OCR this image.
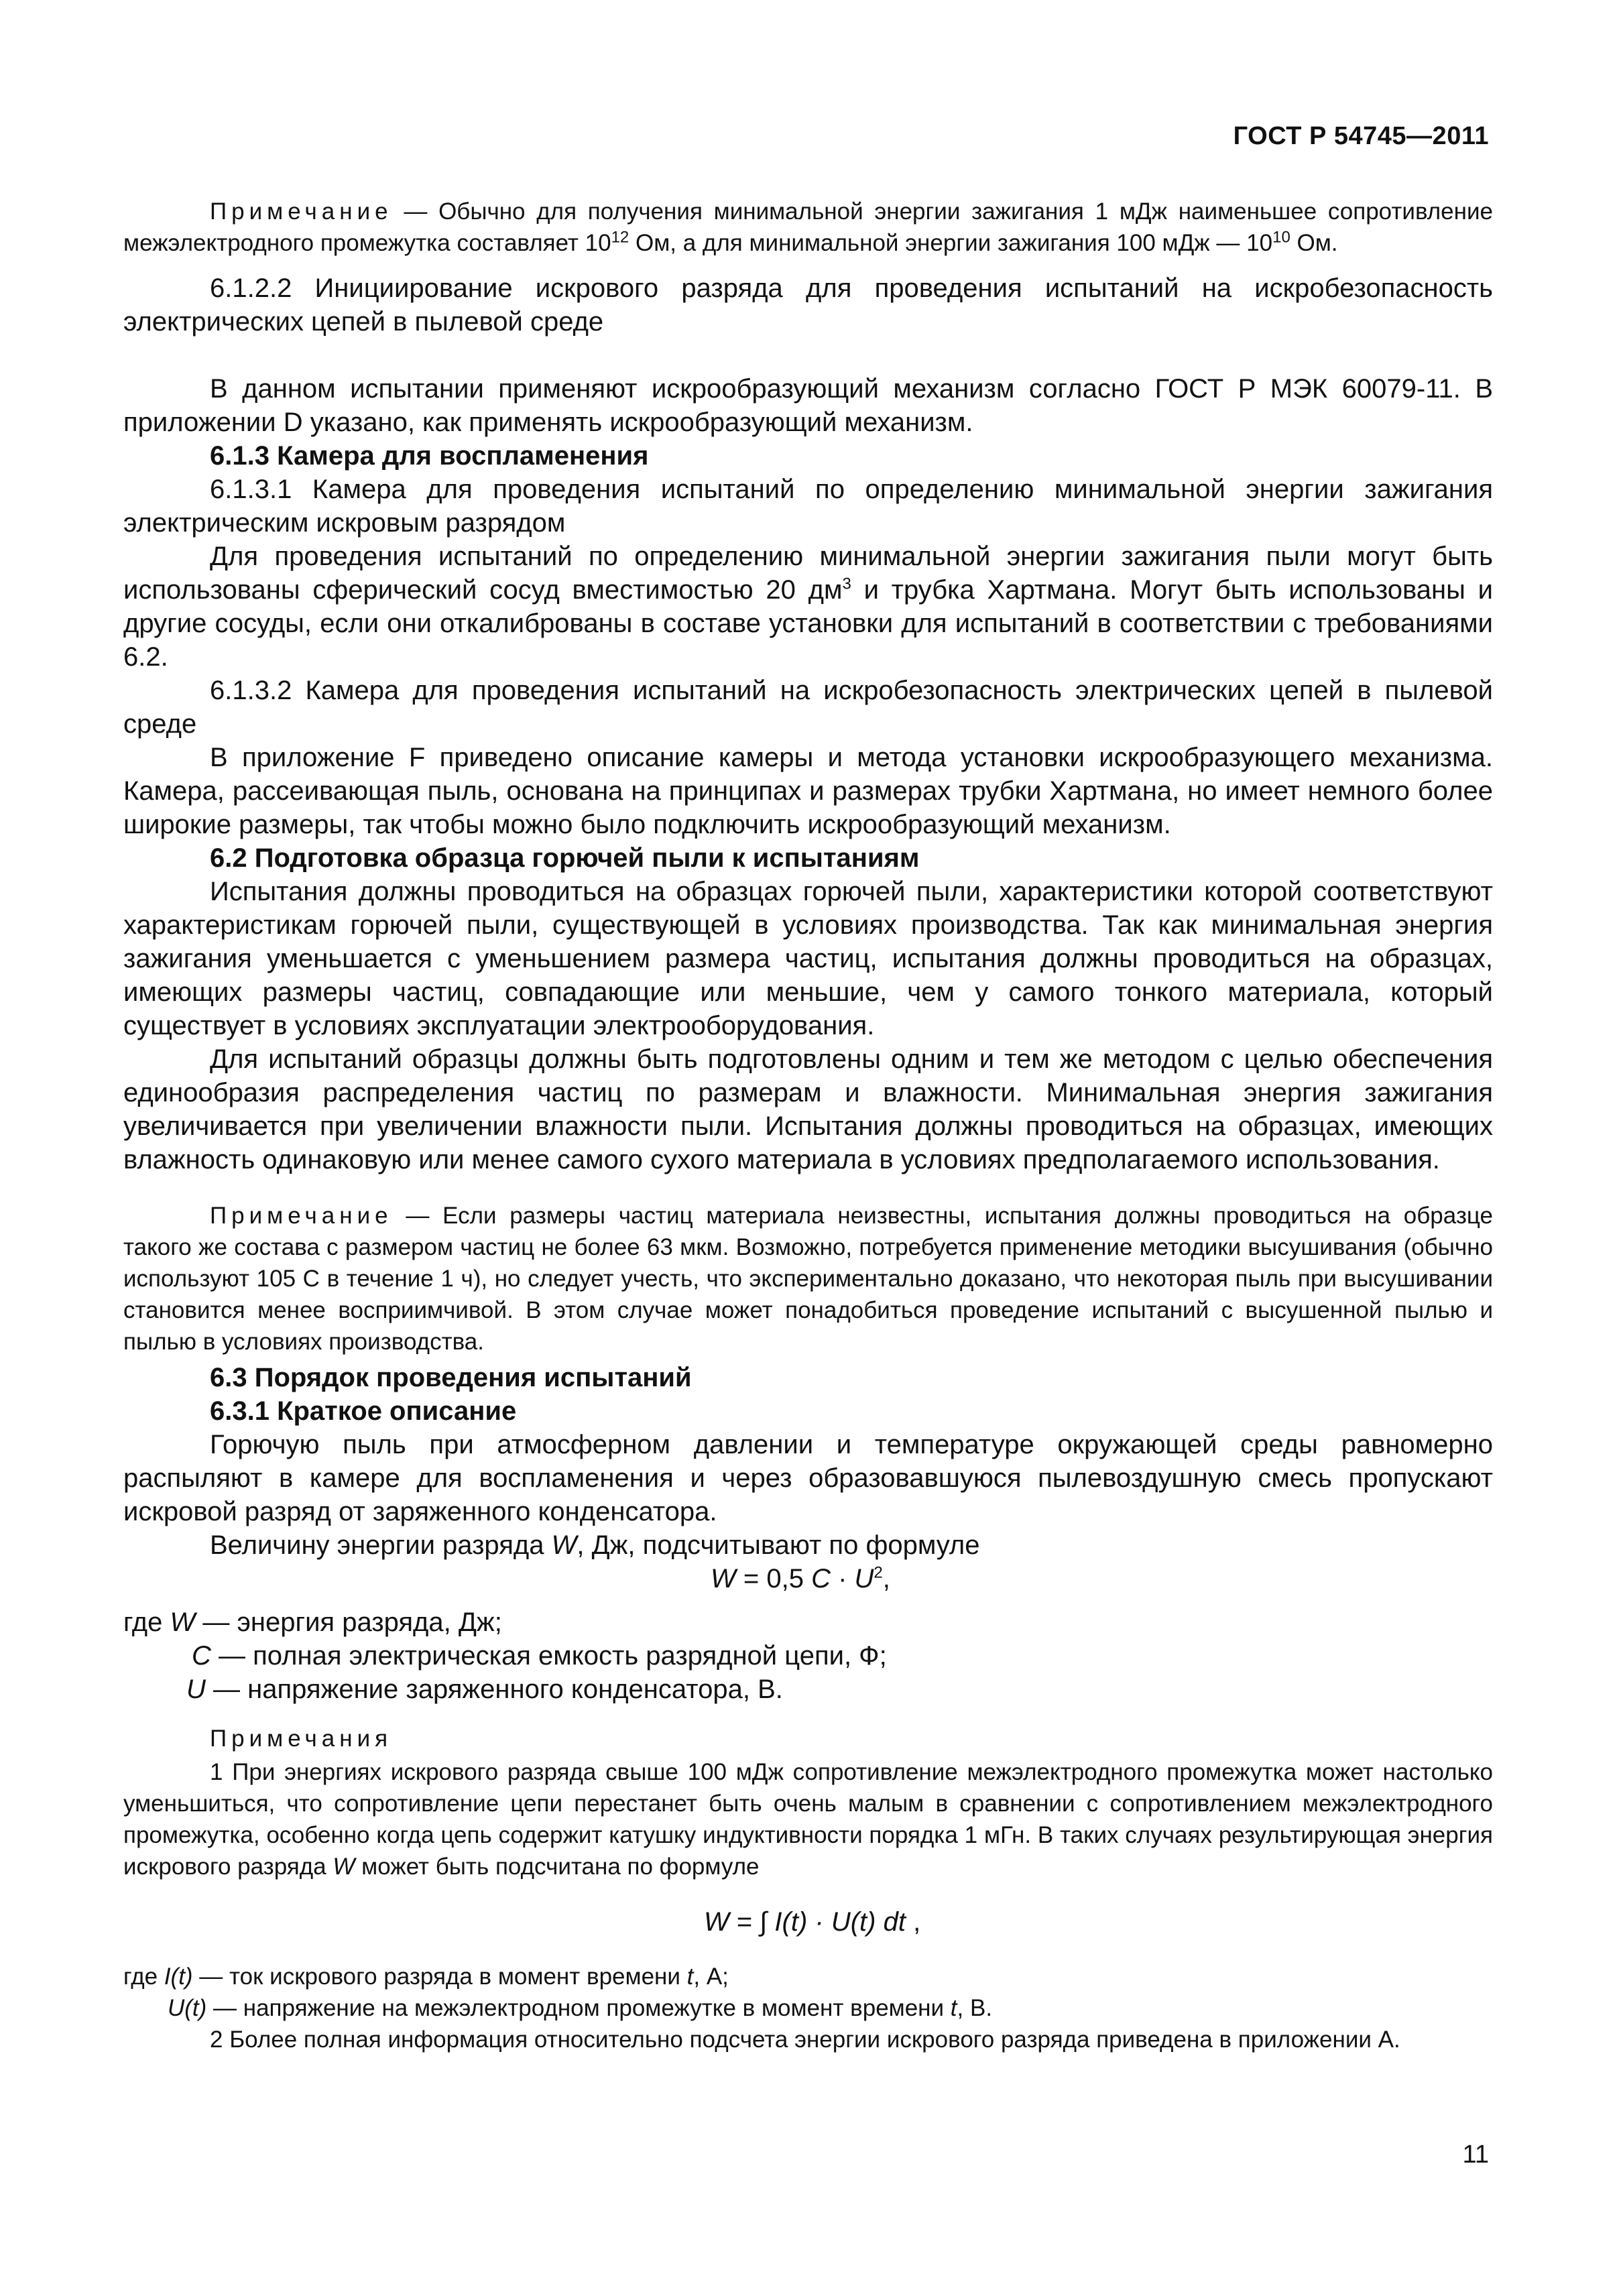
ГОСТ Р 54745—2011

Примечание — Обычно для получения минимальной энергии зажигания 1 мДж наименьшее сопротивление межэлектродного промежутка составляет $10^{12}$ Ом, а для минимальной энергии зажигания 100 мДж — $10^{10}$ Ом.

6.1.2.2 Инициирование искрового разряда для проведения испытаний на искробезопасность электрических цепей в пылевой среде

В данном испытании применяют искрообразующий механизм согласно ГОСТ Р МЭК 60079-11. В приложении D указано, как применять искрообразующий механизм.

6.1.3 Камера для воспламенения

6.1.3.1 Камера для проведения испытаний по определению минимальной энергии зажигания электрическим искровым разрядом

Для проведения испытаний по определению минимальной энергии зажигания пыли могут быть использованы сферический сосуд вместимостью 20 $дм^3$ и трубка Хартмана. Могут быть использованы и другие сосуды, если они откалиброваны в составе установки для испытаний в соответствии с требованиями 6.2.

6.1.3.2 Камера для проведения испытаний на искробезопасность электрических цепей в пылевой среде

В приложение F приведено описание камеры и метода установки искрообразующего механизма. Камера, рассеивающая пыль, основана на принципах и размерах трубки Хартмана, но имеет немного более широкие размеры, так чтобы можно было подключить искрообразующий механизм.

6.2 Подготовка образца горючей пыли к испытаниям

Испытания должны проводиться на образцах горючей пыли, характеристики которой соответствуют характеристикам горючей пыли, существующей в условиях производства. Так как минимальная энергия зажигания уменьшается с уменьшением размера частиц, испытания должны проводиться на образцах, имеющих размеры частиц, совпадающие или меньшие, чем у самого тонкого материала, который существует в условиях эксплуатации электрооборудования.

Для испытаний образцы должны быть подготовлены одним и тем же методом с целью обеспечения единообразия распределения частиц по размерам и влажности. Минимальная энергия зажигания увеличивается при увеличении влажности пыли. Испытания должны проводиться на образцах, имеющих влажность одинаковую или менее самого сухого материала в условиях предполагаемого использования.

Примечание — Если размеры частиц материала неизвестны, испытания должны проводиться на образце такого же состава с размером частиц не более 63 мкм. Возможно, потребуется применение методики высушивания (обычно используют 105 С в течение 1 ч), но следует учесть, что экспериментально доказано, что некоторая пыль при высушивании становится менее восприимчивой. В этом случае может понадобиться проведение испытаний с высушенной пылью и пылью в условиях производства.

6.3 Порядок проведения испытаний

6.3.1 Краткое описание

Горючую пыль при атмосферном давлении и температуре окружающей среды равномерно распыляют в камере для воспламенения и через образовавшуюся пылевоздушную смесь пропускают искровой разряд от заряженного конденсатора.

Величину энергии разряда W, Дж, подсчитывают по формуле

W = 0,5 $C \cdot U^2$,
где W — энергия разряда, Дж;
C — полная электрическая емкость разрядной цепи, Ф;
U — напряжение заряженного конденсатора, В.
Примечания

1 При энергиях искрового разряда свыше 100 мДж сопротивление межэлектродного промежутка может настолько уменьшиться, что сопротивление цепи перестанет быть очень малым в сравнении с сопротивлением межэлектродного промежутка, особенно когда цепь содержит катушку индуктивности порядка 1 мГн. В таких случаях результирующая энергия искрового разряда W может быть подсчитана по формуле

W = ∫ I(t) · U(t) dt ,
где I(t) — ток искрового разряда в момент времени t, А;
U(t) — напряжение на межэлектродном промежутке в момент времени t, В.

2 Более полная информация относительно подсчета энергии искрового разряда приведена в приложении А.

11
